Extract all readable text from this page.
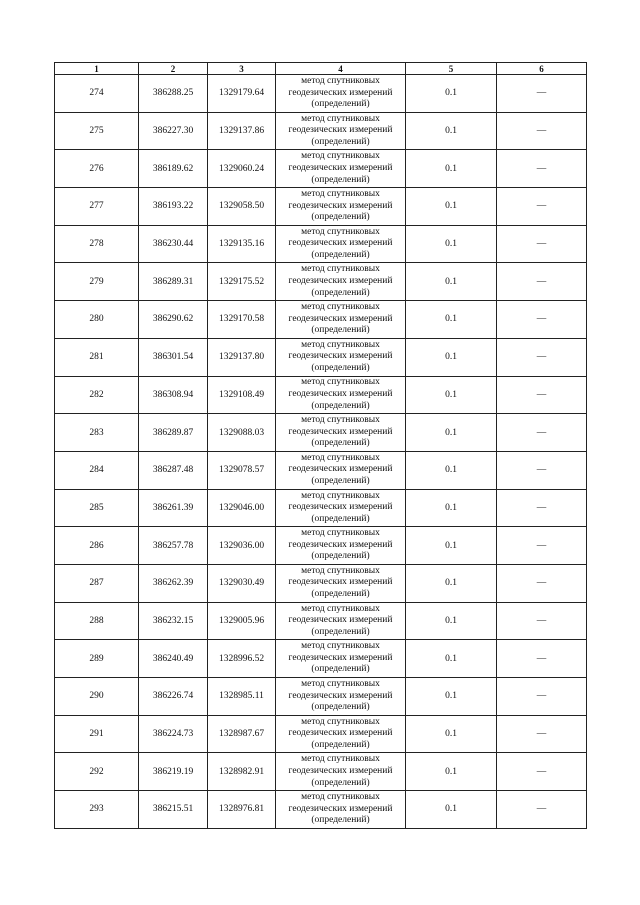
1	2	3	4	5	6
274	386288.25	1329179.64	метод спутниковых
геодезических измерений
(определений)	0.1	—
275	386227.30	1329137.86	метод спутниковых
геодезических измерений
(определений)	0.1	—
276	386189.62	1329060.24	метод спутниковых
геодезических измерений
(определений)	0.1	—
277	386193.22	1329058.50	метод спутниковых
геодезических измерений
(определений)	0.1	—
278	386230.44	1329135.16	метод спутниковых
геодезических измерений
(определений)	0.1	—
279	386289.31	1329175.52	метод спутниковых
геодезических измерений
(определений)	0.1	—
280	386290.62	1329170.58	метод спутниковых
геодезических измерений
(определений)	0.1	—
281	386301.54	1329137.80	метод спутниковых
геодезических измерений
(определений)	0.1	—
282	386308.94	1329108.49	метод спутниковых
геодезических измерений
(определений)	0.1	—
283	386289.87	1329088.03	метод спутниковых
геодезических измерений
(определений)	0.1	—
284	386287.48	1329078.57	метод спутниковых
геодезических измерений
(определений)	0.1	—
285	386261.39	1329046.00	метод спутниковых
геодезических измерений
(определений)	0.1	—
286	386257.78	1329036.00	метод спутниковых
геодезических измерений
(определений)	0.1	—
287	386262.39	1329030.49	метод спутниковых
геодезических измерений
(определений)	0.1	—
288	386232.15	1329005.96	метод спутниковых
геодезических измерений
(определений)	0.1	—
289	386240.49	1328996.52	метод спутниковых
геодезических измерений
(определений)	0.1	—
290	386226.74	1328985.11	метод спутниковых
геодезических измерений
(определений)	0.1	—
291	386224.73	1328987.67	метод спутниковых
геодезических измерений
(определений)	0.1	—
292	386219.19	1328982.91	метод спутниковых
геодезических измерений
(определений)	0.1	—
293	386215.51	1328976.81	метод спутниковых
геодезических измерений
(определений)	0.1	—
